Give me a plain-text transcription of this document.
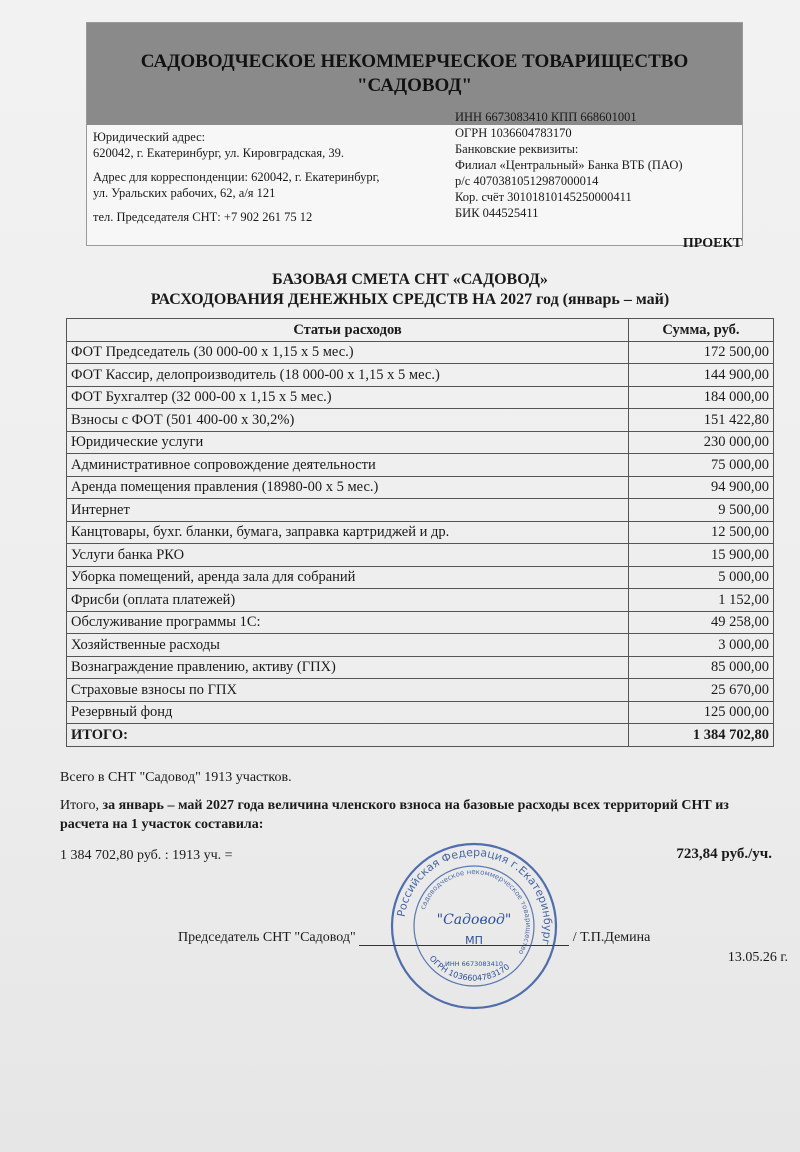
САДОВОДЧЕСКОЕ НЕКОММЕРЧЕСКОЕ ТОВАРИЩЕСТВО
"САДОВОД"
Юридический адрес:
620042, г. Екатеринбург, ул. Кировградская, 39.
Адрес для корреспонденции: 620042, г. Екатеринбург,
ул. Уральских рабочих, 62, а/я 121
тел. Председателя СНТ: +7 902 261 75 12
ИНН 6673083410 КПП 668601001
ОГРН 1036604783170
Банковские реквизиты:
Филиал «Центральный» Банка ВТБ (ПАО)
р/с 40703810512987000014
Кор. счёт 30101810145250000411
БИК 044525411
ПРОЕКТ
БАЗОВАЯ СМЕТА СНТ «САДОВОД»
РАСХОДОВАНИЯ ДЕНЕЖНЫХ СРЕДСТВ НА 2027 год (январь – май)
Статьи расходов	Сумма, руб.
ФОТ Председатель (30 000-00 х 1,15 х 5 мес.)	172 500,00
ФОТ Кассир, делопроизводитель (18 000-00 х 1,15 х 5 мес.)	144 900,00
ФОТ Бухгалтер (32 000-00 х 1,15 х 5 мес.)	184 000,00
Взносы с ФОТ (501 400-00 х 30,2%)	151 422,80
Юридические услуги	230 000,00
Административное сопровождение деятельности	75 000,00
Аренда помещения правления (18980-00 х 5 мес.)	94 900,00
Интернет	9 500,00
Канцтовары, бухг. бланки, бумага, заправка картриджей и др.	12 500,00
Услуги банка РКО	15 900,00
Уборка помещений, аренда зала для собраний	5 000,00
Фрисби (оплата платежей)	1 152,00
Обслуживание программы 1С:	49 258,00
Хозяйственные расходы	3 000,00
Вознаграждение правлению, активу (ГПХ)	85 000,00
Страховые взносы по ГПХ	25 670,00
Резервный фонд	125 000,00
ИТОГО:	1 384 702,80
Всего в СНТ "Садовод" 1913 участков.
Итого, за январь – май 2027 года величина членского взноса на базовые расходы всех территорий СНТ из расчета на 1 участок составила:
1 384 702,80 руб. : 1913 уч. =	723,84 руб./уч.
Председатель СНТ "Садовод"	/ Т.П.Демина
13.05.26 г.
Российская Федерация г.Екатеринбург
садоводческое некоммерческое товарищество
"Садовод"
МП
ИНН 6673083410
ОГРН 1036604783170
